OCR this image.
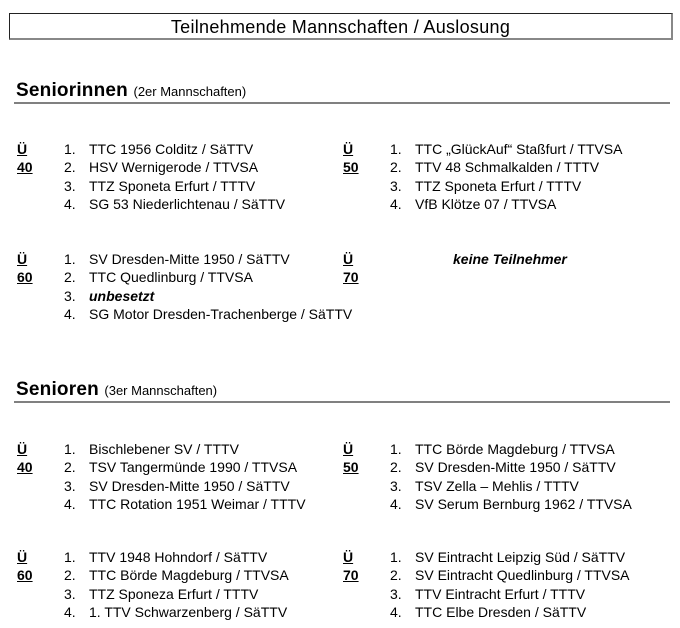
Teilnehmende Mannschaften / Auslosung
Seniorinnen (2er Mannschaften)
Ü 40
1. TTC 1956 Colditz / SäTTV
2. HSV Wernigerode / TTVSA
3. TTZ Sponeta Erfurt / TTTV
4. SG 53 Niederlichtenau / SäTTV
Ü 50
1. TTC „GlückAuf“ Staßfurt / TTVSA
2. TTV 48 Schmalkalden / TTTV
3. TTZ Sponeta Erfurt / TTTV
4. VfB Klötze 07 / TTVSA
Ü 60
1. SV Dresden-Mitte 1950 / SäTTV
2. TTC Quedlinburg / TTVSA
3. unbesetzt
4. SG Motor Dresden-Trachenberge / SäTTV
Ü 70
keine Teilnehmer
Senioren (3er Mannschaften)
Ü 40
1. Bischlebener SV / TTTV
2. TSV Tangermünde 1990 / TTVSA
3. SV Dresden-Mitte 1950 / SäTTV
4. TTC Rotation 1951 Weimar / TTTV
Ü 50
1. TTC Börde Magdeburg / TTVSA
2. SV Dresden-Mitte 1950 / SäTTV
3. TSV Zella – Mehlis / TTTV
4. SV Serum Bernburg 1962 / TTVSA
Ü 60
1. TTV 1948 Hohndorf / SäTTV
2. TTC Börde Magdeburg / TTVSA
3. TTZ Sponeza Erfurt / TTTV
4. 1. TTV Schwarzenberg / SäTTV
Ü 70
1. SV Eintracht Leipzig Süd / SäTTV
2. SV Eintracht Quedlinburg / TTVSA
3. TTV Eintracht Erfurt / TTTV
4. TTC Elbe Dresden / SäTTV
